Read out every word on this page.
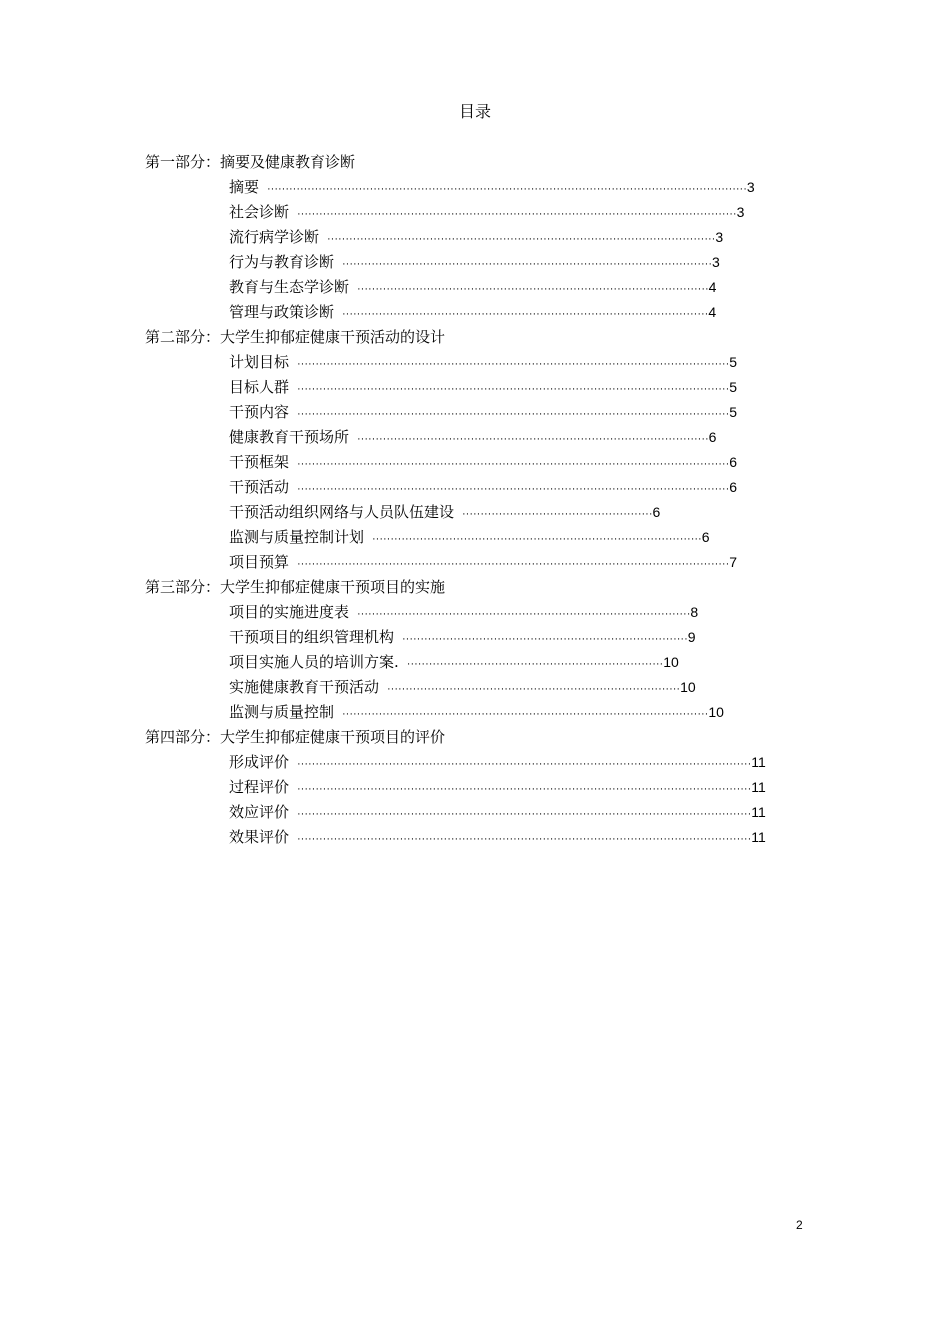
目录
第一部分：摘要及健康教育诊断
摘要 ··································································································································· 3
社会诊断 ························································································································ 3
流行病学诊断 ·········································································································· 3
行为与教育诊断 ····································································································· 3
教育与生态学诊断 ································································································ 4
管理与政策诊断 ···································································································· 4
第二部分：大学生抑郁症健康干预活动的设计
计划目标 ······················································································································ 5
目标人群 ······················································································································ 5
干预内容 ······················································································································ 5
健康教育干预场所 ································································································ 6
干预框架 ······················································································································ 6
干预活动 ······················································································································ 6
干预活动组织网络与人员队伍建设 ···················································· 6
监测与质量控制计划 ·························································································· 6
项目预算 ······················································································································ 7
第三部分：大学生抑郁症健康干预项目的实施
项目的实施进度表 ··························································································· 8
干预项目的组织管理机构 ·············································································· 9
项目实施人员的培训方案. ······································································ 10
实施健康教育干预活动 ················································································ 10
监测与质量控制 ···································································································· 10
第四部分：大学生抑郁症健康干预项目的评价
形成评价 ···························································································································· 11
过程评价 ···························································································································· 11
效应评价 ···························································································································· 11
效果评价 ···························································································································· 11
2
